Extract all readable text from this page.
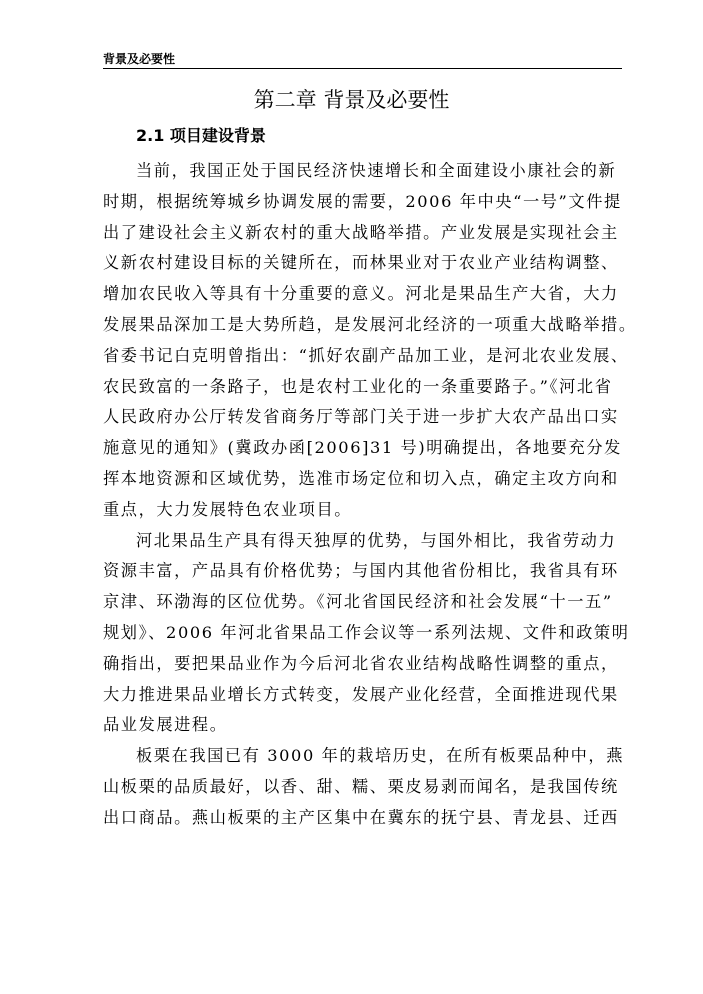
背景及必要性
第二章 背景及必要性
2.1 项目建设背景
当前，我国正处于国民经济快速增长和全面建设小康社会的新
时期，根据统筹城乡协调发展的需要，2006 年中央“一号”文件提
出了建设社会主义新农村的重大战略举措。产业发展是实现社会主
义新农村建设目标的关键所在，而林果业对于农业产业结构调整、
增加农民收入等具有十分重要的意义。河北是果品生产大省，大力
发展果品深加工是大势所趋，是发展河北经济的一项重大战略举措。
省委书记白克明曾指出：“抓好农副产品加工业，是河北农业发展、
农民致富的一条路子，也是农村工业化的一条重要路子。”《河北省
人民政府办公厅转发省商务厅等部门关于进一步扩大农产品出口实
施意见的通知》(冀政办函[2006]31 号)明确提出，各地要充分发
挥本地资源和区域优势，选准市场定位和切入点，确定主攻方向和
重点，大力发展特色农业项目。
河北果品生产具有得天独厚的优势，与国外相比，我省劳动力
资源丰富，产品具有价格优势；与国内其他省份相比，我省具有环
京津、环渤海的区位优势。《河北省国民经济和社会发展“十一五”
规划》、2006 年河北省果品工作会议等一系列法规、文件和政策明
确指出，要把果品业作为今后河北省农业结构战略性调整的重点，
大力推进果品业增长方式转变，发展产业化经营，全面推进现代果
品业发展进程。
板栗在我国已有 3000 年的栽培历史，在所有板栗品种中，燕
山板栗的品质最好，以香、甜、糯、栗皮易剥而闻名，是我国传统
出口商品。燕山板栗的主产区集中在冀东的抚宁县、青龙县、迁西
